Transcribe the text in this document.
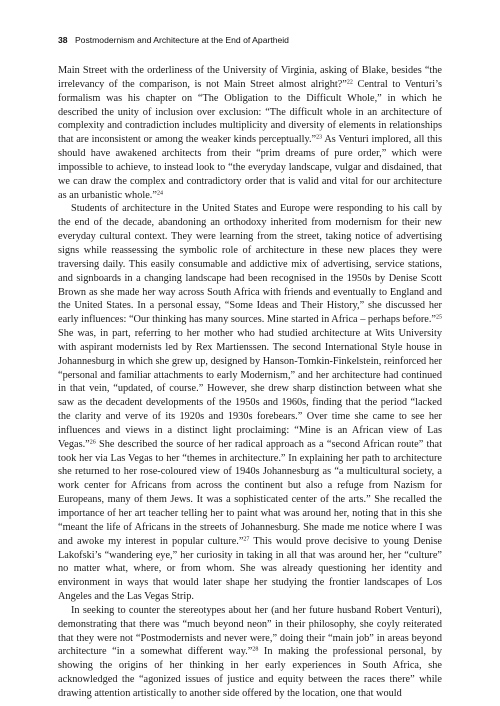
38 Postmodernism and Architecture at the End of Apartheid

Main Street with the orderliness of the University of Virginia, asking of Blake, besides “the irrelevancy of the comparison, is not Main Street almost alright?”$^{22}$ Central to Venturi’s formalism was his chapter on “The Obligation to the Difficult Whole,” in which he described the unity of inclusion over exclusion: “The difficult whole in an architecture of complexity and contradiction includes multiplicity and diversity of elements in relationships that are inconsistent or among the weaker kinds perceptually.”$^{23}$ As Venturi implored, all this should have awakened architects from their “prim dreams of pure order,” which were impossible to achieve, to instead look to “the everyday landscape, vulgar and disdained, that we can draw the complex and contradictory order that is valid and vital for our architecture as an urbanistic whole.”$^{24}$

Students of architecture in the United States and Europe were responding to his call by the end of the decade, abandoning an orthodoxy inherited from modernism for their new everyday cultural context. They were learning from the street, taking notice of advertising signs while reassessing the symbolic role of architecture in these new places they were traversing daily. This easily consumable and addictive mix of advertising, service stations, and signboards in a changing landscape had been recognised in the 1950s by Denise Scott Brown as she made her way across South Africa with friends and eventually to England and the United States. In a personal essay, “Some Ideas and Their History,” she discussed her early influences: “Our thinking has many sources. Mine started in Africa – perhaps before.”$^{25}$ She was, in part, referring to her mother who had studied architecture at Wits University with aspirant modernists led by Rex Martienssen. The second International Style house in Johannesburg in which she grew up, designed by Hanson-Tomkin-Finkelstein, reinforced her “personal and familiar attachments to early Modernism,” and her architecture had continued in that vein, “updated, of course.” However, she drew sharp distinction between what she saw as the decadent developments of the 1950s and 1960s, finding that the period “lacked the clarity and verve of its 1920s and 1930s forebears.” Over time she came to see her influences and views in a distinct light proclaiming: “Mine is an African view of Las Vegas.”$^{26}$ She described the source of her radical approach as a “second African route” that took her via Las Vegas to her “themes in architecture.” In explaining her path to architecture she returned to her rose-coloured view of 1940s Johannesburg as “a multicultural society, a work center for Africans from across the continent but also a refuge from Nazism for Europeans, many of them Jews. It was a sophisticated center of the arts.” She recalled the importance of her art teacher telling her to paint what was around her, noting that in this she “meant the life of Africans in the streets of Johannesburg. She made me notice where I was and awoke my interest in popular culture.”$^{27}$ This would prove decisive to young Denise Lakofski’s “wandering eye,” her curiosity in taking in all that was around her, her “culture” no matter what, where, or from whom. She was already questioning her identity and environment in ways that would later shape her studying the frontier landscapes of Los Angeles and the Las Vegas Strip.

In seeking to counter the stereotypes about her (and her future husband Robert Venturi), demonstrating that there was “much beyond neon” in their philosophy, she coyly reiterated that they were not “Postmodernists and never were,” doing their “main job” in areas beyond architecture “in a somewhat different way.”$^{28}$ In making the professional personal, by showing the origins of her thinking in her early experiences in South Africa, she acknowledged the “agonized issues of justice and equity between the races there” while drawing attention artistically to another side offered by the location, one that would
